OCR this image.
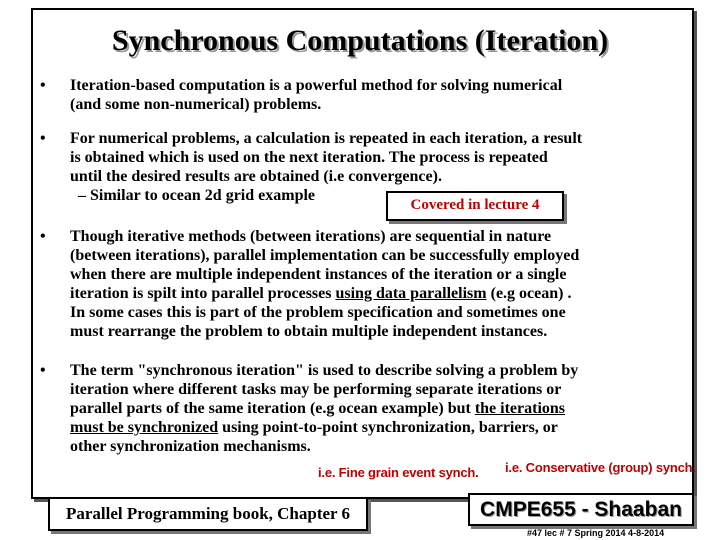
Synchronous Computations (Iteration)
• Iteration-based computation is a powerful method for solving numerical
(and some non-numerical) problems.
• For numerical problems, a calculation is repeated in each iteration, a result
is obtained which is used on the next iteration. The process is repeated
until the desired results are obtained (i.e convergence).
– Similar to ocean 2d grid example
• Though iterative methods (between iterations) are sequential in nature
(between iterations), parallel implementation can be successfully employed
when there are multiple independent instances of the iteration or a single
iteration is spilt into parallel processes using data parallelism (e.g ocean) .
In some cases this is part of the problem specification and sometimes one
must rearrange the problem to obtain multiple independent instances.
• The term "synchronous iteration" is used to describe solving a problem by
iteration where different tasks may be performing separate iterations or
parallel parts of the same iteration (e.g ocean example) but the iterations
must be synchronized using point-to-point synchronization, barriers, or
other synchronization mechanisms.
Covered in lecture 4
i.e. Fine grain event synch. i.e. Conservative (group) synch.
Parallel Programming book, Chapter 6	CMPE655 - Shaaban
#47 lec # 7 Spring 2014 4-8-2014
